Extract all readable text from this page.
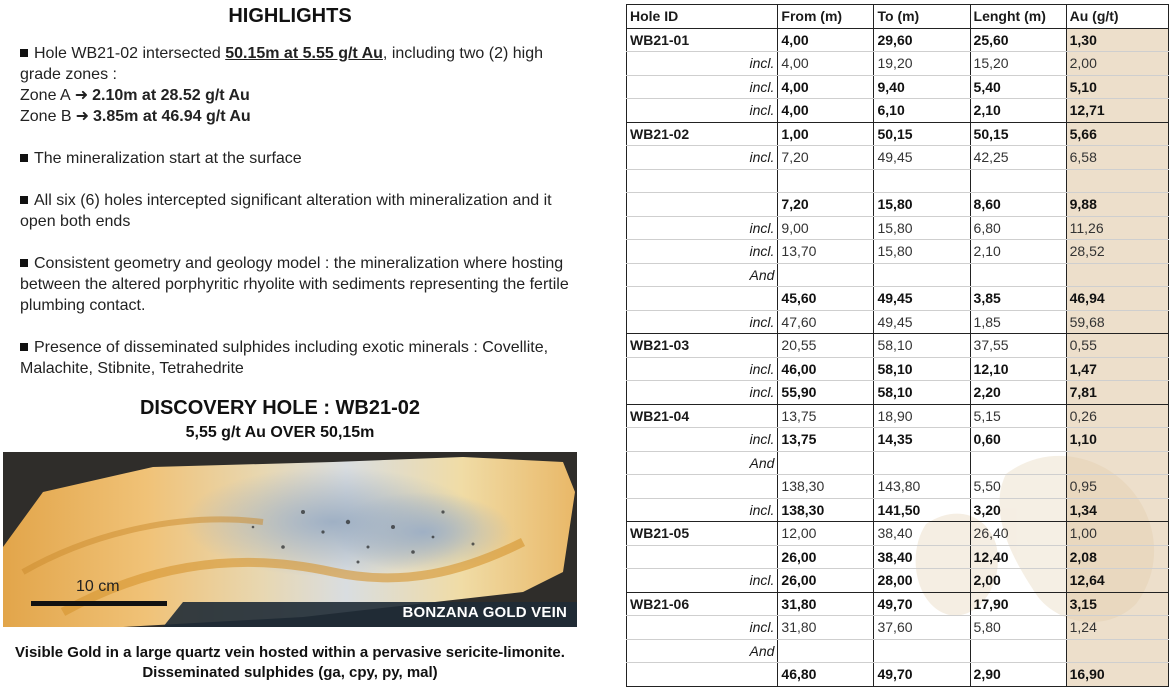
HIGHLIGHTS
Hole WB21-02 intersected 50.15m at 5.55 g/t Au, including two (2) high grade zones :
Zone A ➜ 2.10m at 28.52 g/t Au
Zone B ➜ 3.85m at 46.94 g/t Au
The mineralization start at the surface
All six (6) holes intercepted significant alteration with mineralization and it open both ends
Consistent geometry and geology model : the mineralization where hosting between the altered porphyritic rhyolite with sediments representing the fertile plumbing contact.
Presence of disseminated sulphides including exotic minerals : Covellite, Malachite, Stibnite, Tetrahedrite
DISCOVERY HOLE : WB21-02
5,55 g/t Au OVER 50,15m
10 cm
BONZANA GOLD VEIN
Visible Gold in a large quartz vein hosted within a pervasive sericite-limonite. Disseminated sulphides (ga, cpy, py, mal)
Hole ID	From (m)	To (m)	Lenght (m)	Au (g/t)
WB21-01	4,00	29,60	25,60	1,30
incl.	4,00	19,20	15,20	2,00
incl.	4,00	9,40	5,40	5,10
incl.	4,00	6,10	2,10	12,71
WB21-02	1,00	50,15	50,15	5,66
incl.	7,20	49,45	42,25	6,58

	7,20	15,80	8,60	9,88
incl.	9,00	15,80	6,80	11,26
incl.	13,70	15,80	2,10	28,52
And				
	45,60	49,45	3,85	46,94
incl.	47,60	49,45	1,85	59,68
WB21-03	20,55	58,10	37,55	0,55
incl.	46,00	58,10	12,10	1,47
incl.	55,90	58,10	2,20	7,81
WB21-04	13,75	18,90	5,15	0,26
incl.	13,75	14,35	0,60	1,10
And				
	138,30	143,80	5,50	0,95
incl.	138,30	141,50	3,20	1,34
WB21-05	12,00	38,40	26,40	1,00
	26,00	38,40	12,40	2,08
incl.	26,00	28,00	2,00	12,64
WB21-06	31,80	49,70	17,90	3,15
incl.	31,80	37,60	5,80	1,24
And				
	46,80	49,70	2,90	16,90
